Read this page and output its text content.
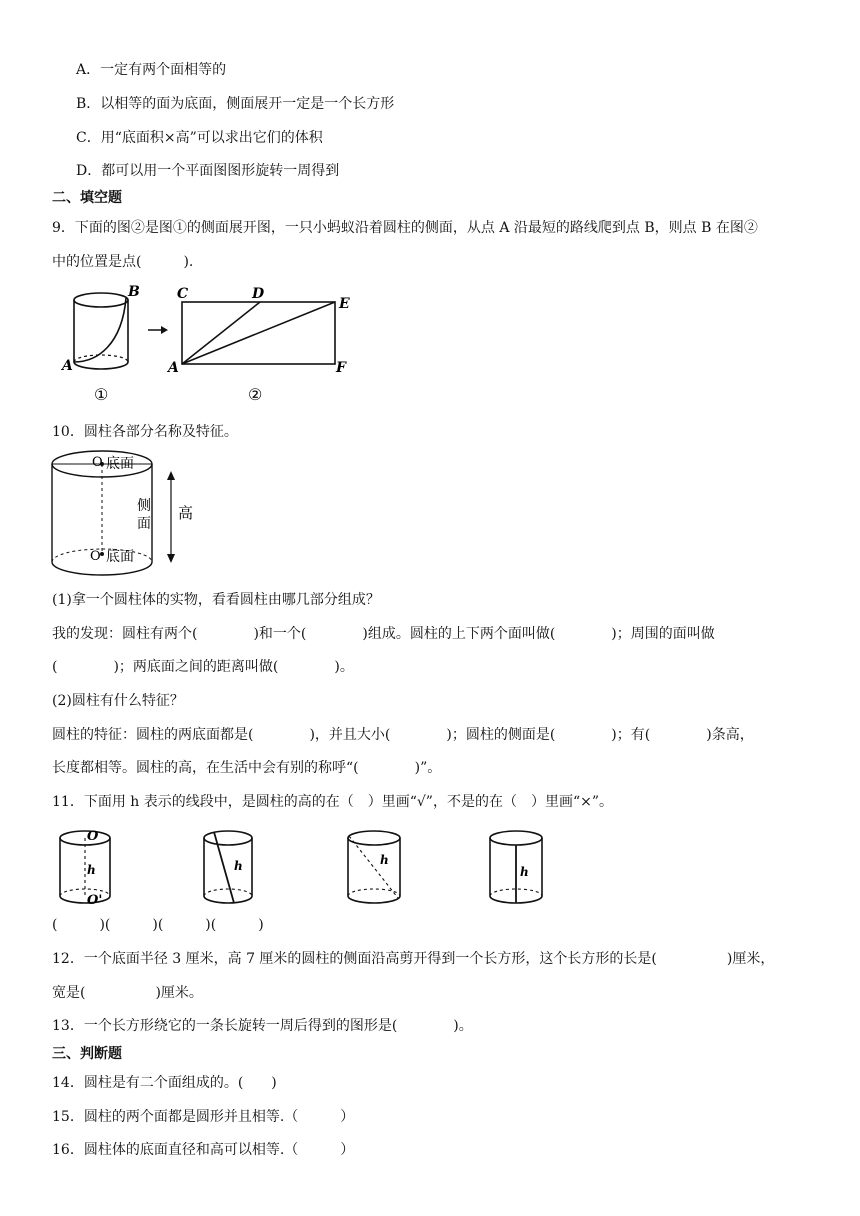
A．一定有两个面相等的
B．以相等的面为底面，侧面展开一定是一个长方形
C．用“底面积×高”可以求出它们的体积
D．都可以用一个平面图图形旋转一周得到
二、填空题
9．下面的图②是图①的侧面展开图，一只小蚂蚁沿着圆柱的侧面，从点 A 沿最短的路线爬到点 B，则点 B 在图②
中的位置是点(　　　).
A
B
①
C	D
E
F
A
②
10．圆柱各部分名称及特征。
O 底面
O 底面
侧
面
高
(1)拿一个圆柱体的实物，看看圆柱由哪几部分组成？
我的发现：圆柱有两个(　　　　)和一个(　　　　)组成。圆柱的上下两个面叫做(　　　　)；周围的面叫做
(　　　　)；两底面之间的距离叫做(　　　　)。
(2)圆柱有什么特征？
圆柱的特征：圆柱的两底面都是(　　　　)，并且大小(　　　　)；圆柱的侧面是(　　　　)；有(　　　　)条高，
长度都相等。圆柱的高，在生活中会有别的称呼“(　　　　)”。
11．下面用 h 表示的线段中，是圆柱的高的在（　）里画“√”，不是的在（　）里画“×”。
O
h
O'
h	h
h
(　　　)(　　　)(　　　)(　　　)
12．一个底面半径 3 厘米，高 7 厘米的圆柱的侧面沿高剪开得到一个长方形，这个长方形的长是(　　　　　)厘米，
宽是(　　　　　)厘米。
13．一个长方形绕它的一条长旋转一周后得到的图形是(　　　　)。
三、判断题
14．圆柱是有二个面组成的。(　　)
15．圆柱的两个面都是圆形并且相等.（　　　）
16．圆柱体的底面直径和高可以相等.（　　　）
